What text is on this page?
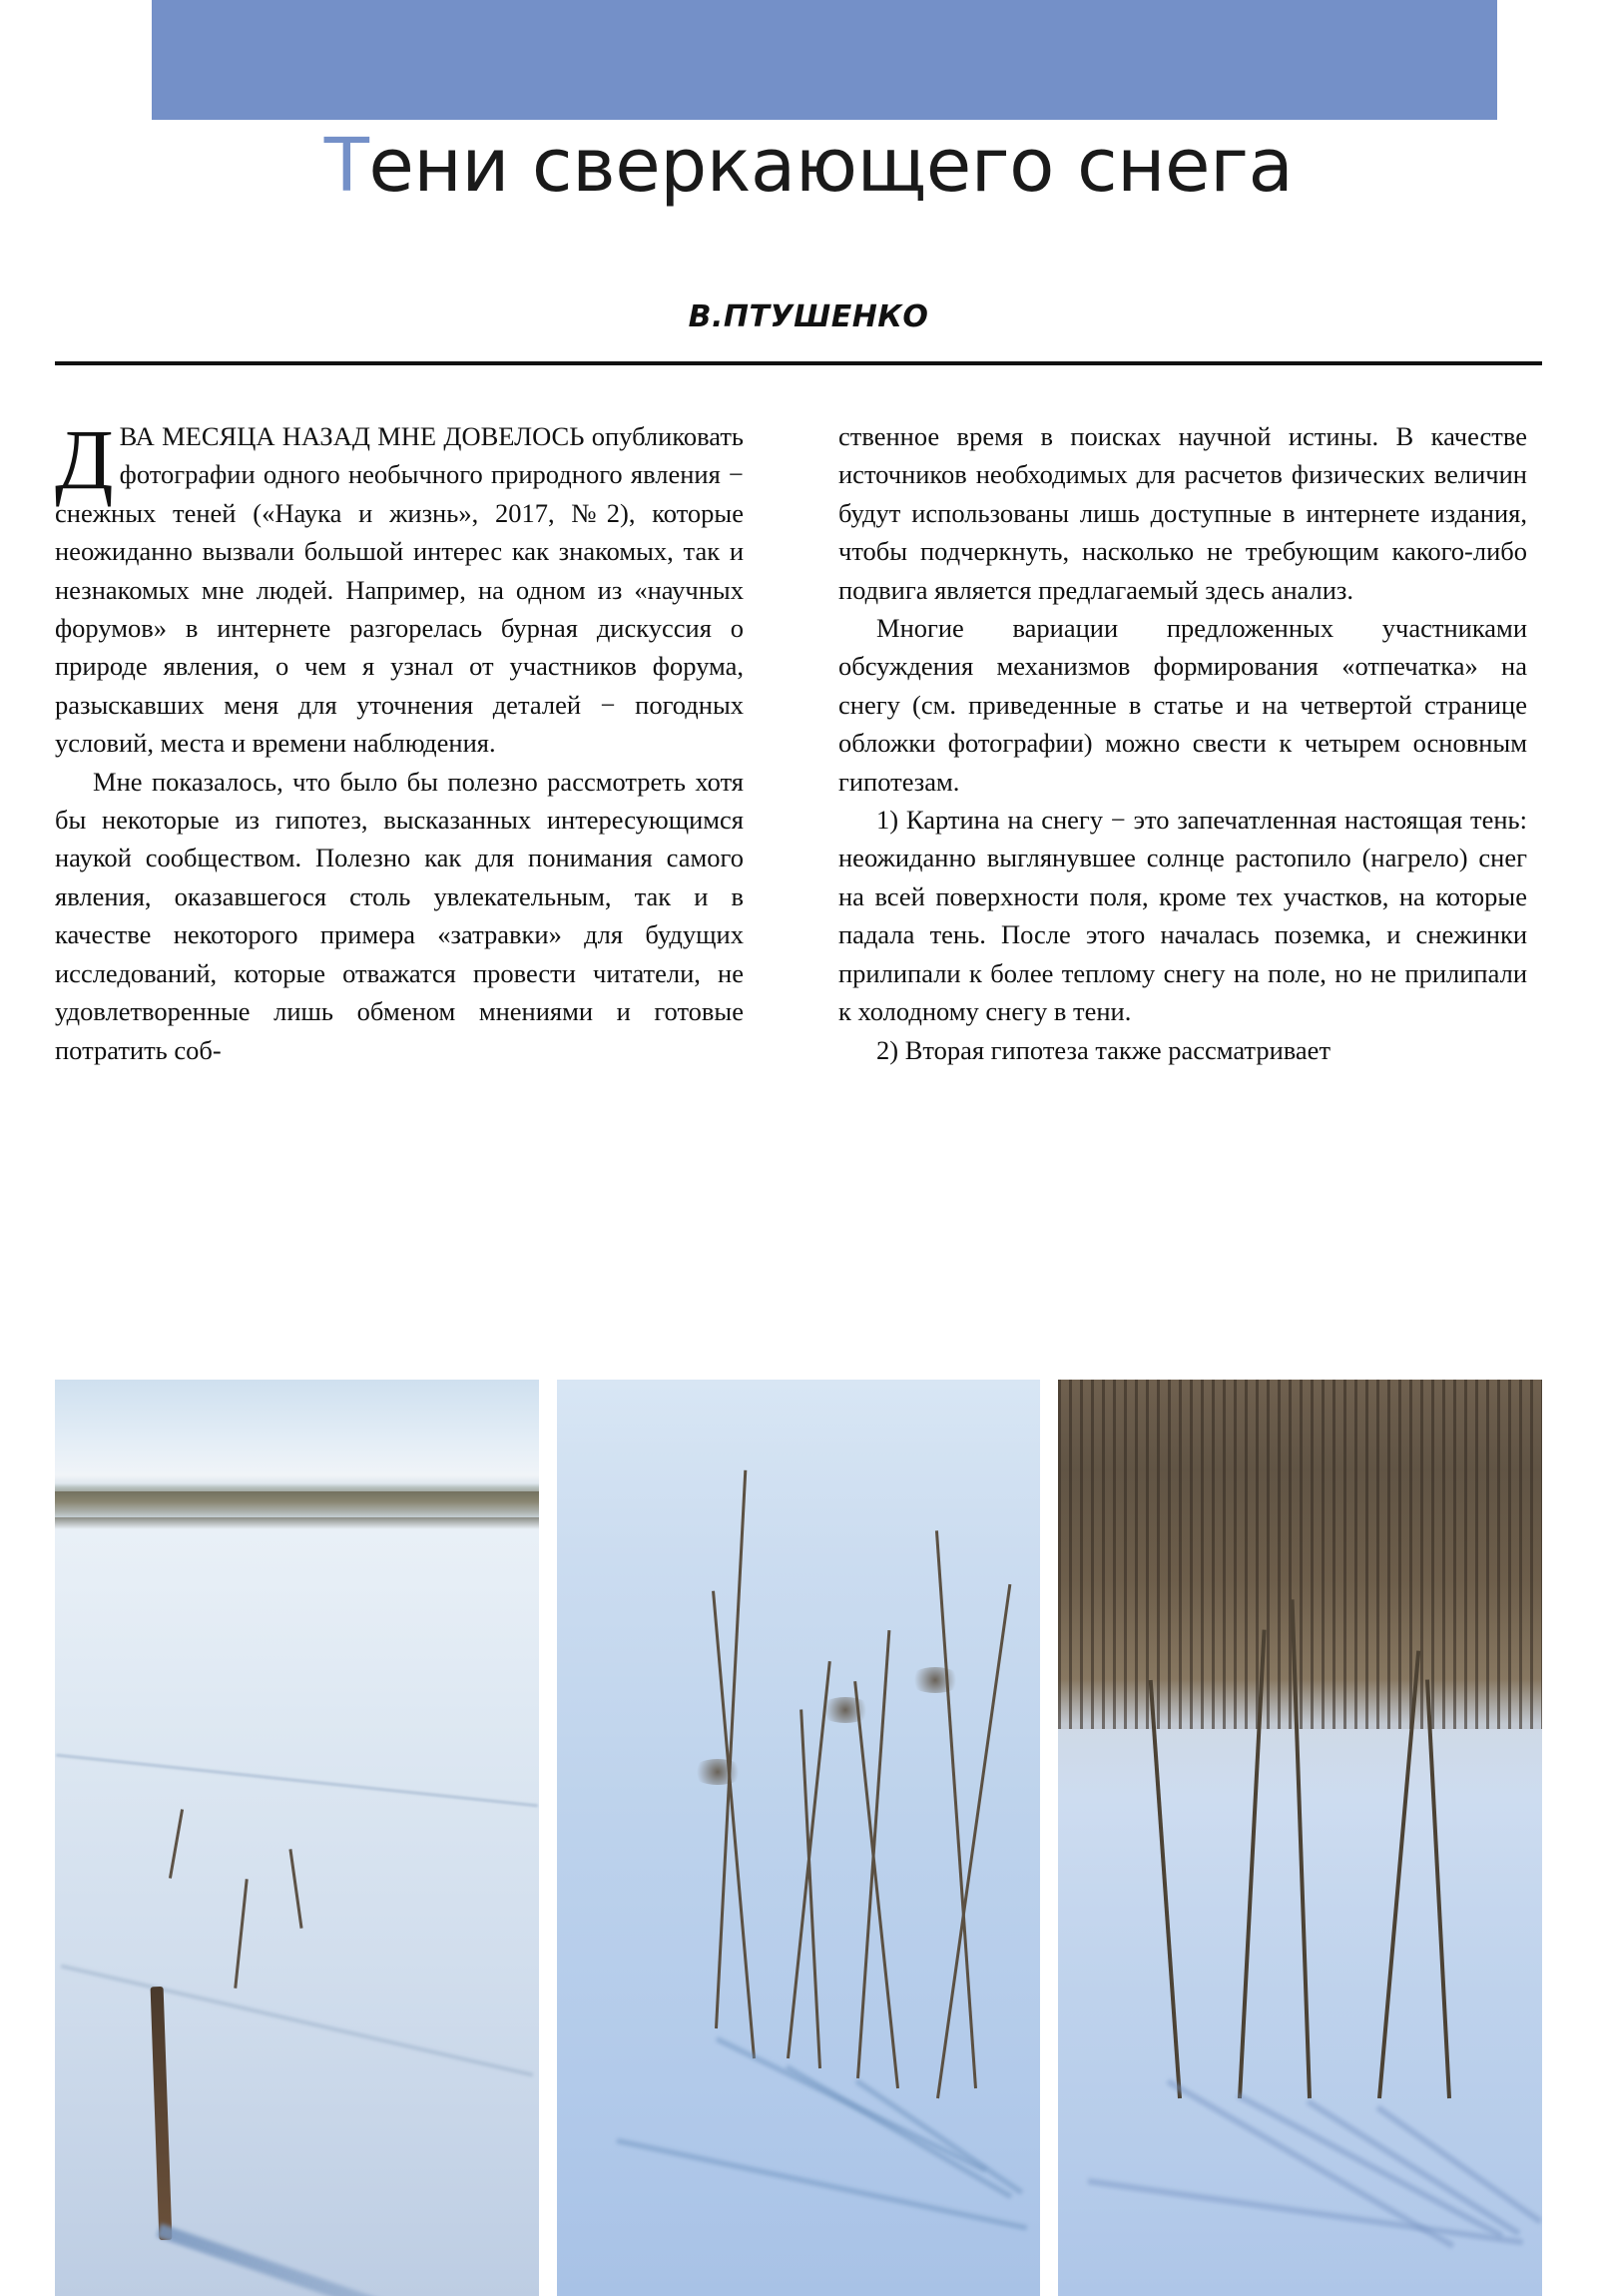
Тени сверкающего снега
В.ПТУШЕНКО

ДВА МЕСЯЦА НАЗАД МНЕ ДОВЕЛОСЬ опубликовать фотографии одного необычного природного явления − снежных теней («Наука и жизнь», 2017, №2), которые неожиданно вызвали большой интерес как знакомых, так и незнакомых мне людей. Например, на одном из «научных форумов» в интернете разгорелась бурная дискуссия о природе явления, о чем я узнал от участников форума, разыскавших меня для уточнения деталей − погодных условий, места и времени наблюдения.

Мне показалось, что было бы полезно рассмотреть хотя бы некоторые из гипотез, высказанных интересующимся наукой сообществом. Полезно как для понимания самого явления, оказавшегося столь увлекательным, так и в качестве некоторого примера «затравки» для будущих исследований, которые отважатся провести читатели, не удовлетворенные лишь обменом мнениями и готовые потратить соб-

ственное время в поисках научной истины. В качестве источников необходимых для расчетов физических величин будут использованы лишь доступные в интернете издания, чтобы подчеркнуть, насколько не требующим какого-либо подвига является предлагаемый здесь анализ.

Многие вариации предложенных участниками обсуждения механизмов формирования «отпечатка» на снегу (см. приведенные в статье и на четвертой странице обложки фотографии) можно свести к четырем основным гипотезам.

1) Картина на снегу − это запечатленная настоящая тень: неожиданно выглянувшее солнце растопило (нагрело) снег на всей поверхности поля, кроме тех участков, на которые падала тень. После этого началась поземка, и снежинки прилипали к более теплому снегу на поле, но не прилипали к холодному снегу в тени.

2) Вторая гипотеза также рассматривает
